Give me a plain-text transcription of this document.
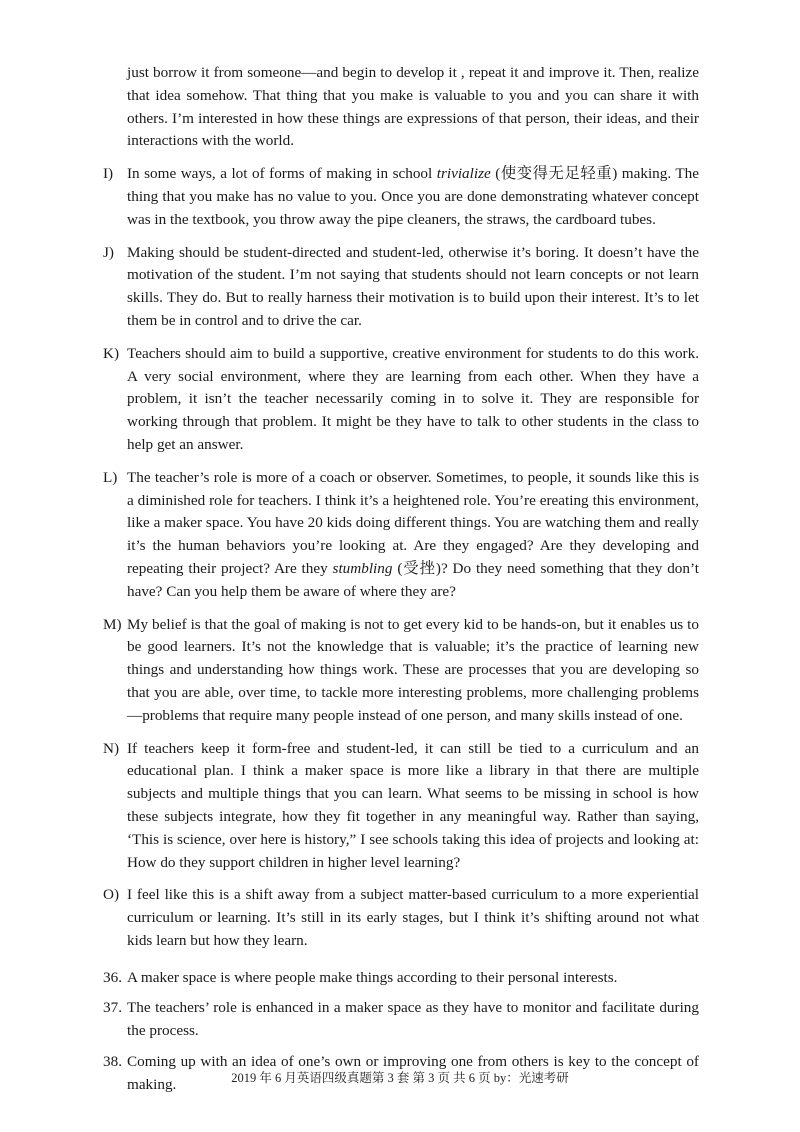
just borrow it from someone—and begin to develop it , repeat it and improve it. Then, realize that idea somehow. That thing that you make is valuable to you and you can share it with others. I’m interested in how these things are expressions of that person, their ideas, and their interactions with the world.
I) In some ways, a lot of forms of making in school trivialize (使变得无足轻重) making. The thing that you make has no value to you. Once you are done demonstrating whatever concept was in the textbook, you throw away the pipe cleaners, the straws, the cardboard tubes.
J) Making should be student-directed and student-led, otherwise it’s boring. It doesn’t have the motivation of the student. I’m not saying that students should not learn concepts or not learn skills. They do. But to really harness their motivation is to build upon their interest. It’s to let them be in control and to drive the car.
K) Teachers should aim to build a supportive, creative environment for students to do this work. A very social environment, where they are learning from each other. When they have a problem, it isn’t the teacher necessarily coming in to solve it. They are responsible for working through that problem. It might be they have to talk to other students in the class to help get an answer.
L) The teacher’s role is more of a coach or observer. Sometimes, to people, it sounds like this is a diminished role for teachers. I think it’s a heightened role. You’re ereating this environment, like a maker space. You have 20 kids doing different things. You are watching them and really it’s the human behaviors you’re looking at. Are they engaged? Are they developing and repeating their project? Are they stumbling (受挫)? Do they need something that they don’t have? Can you help them be aware of where they are?
M) My belief is that the goal of making is not to get every kid to be hands-on, but it enables us to be good learners. It’s not the knowledge that is valuable; it’s the practice of learning new things and understanding how things work. These are processes that you are developing so that you are able, over time, to tackle more interesting problems, more challenging problems—problems that require many people instead of one person, and many skills instead of one.
N) If teachers keep it form-free and student-led, it can still be tied to a curriculum and an educational plan. I think a maker space is more like a library in that there are multiple subjects and multiple things that you can learn. What seems to be missing in school is how these subjects integrate, how they fit together in any meaningful way. Rather than saying, ‘This is science, over here is history,” I see schools taking this idea of projects and looking at: How do they support children in higher level learning?
O) I feel like this is a shift away from a subject matter-based curriculum to a more experiential curriculum or learning. It’s still in its early stages, but I think it’s shifting around not what kids learn but how they learn.
36. A maker space is where people make things according to their personal interests.
37. The teachers’ role is enhanced in a maker space as they have to monitor and facilitate during the process.
38. Coming up with an idea of one’s own or improving one from others is key to the concept of making.	2019 年 6 月英语四级真题第 3 套 第 3 页 共 6 页 by：光速考研
